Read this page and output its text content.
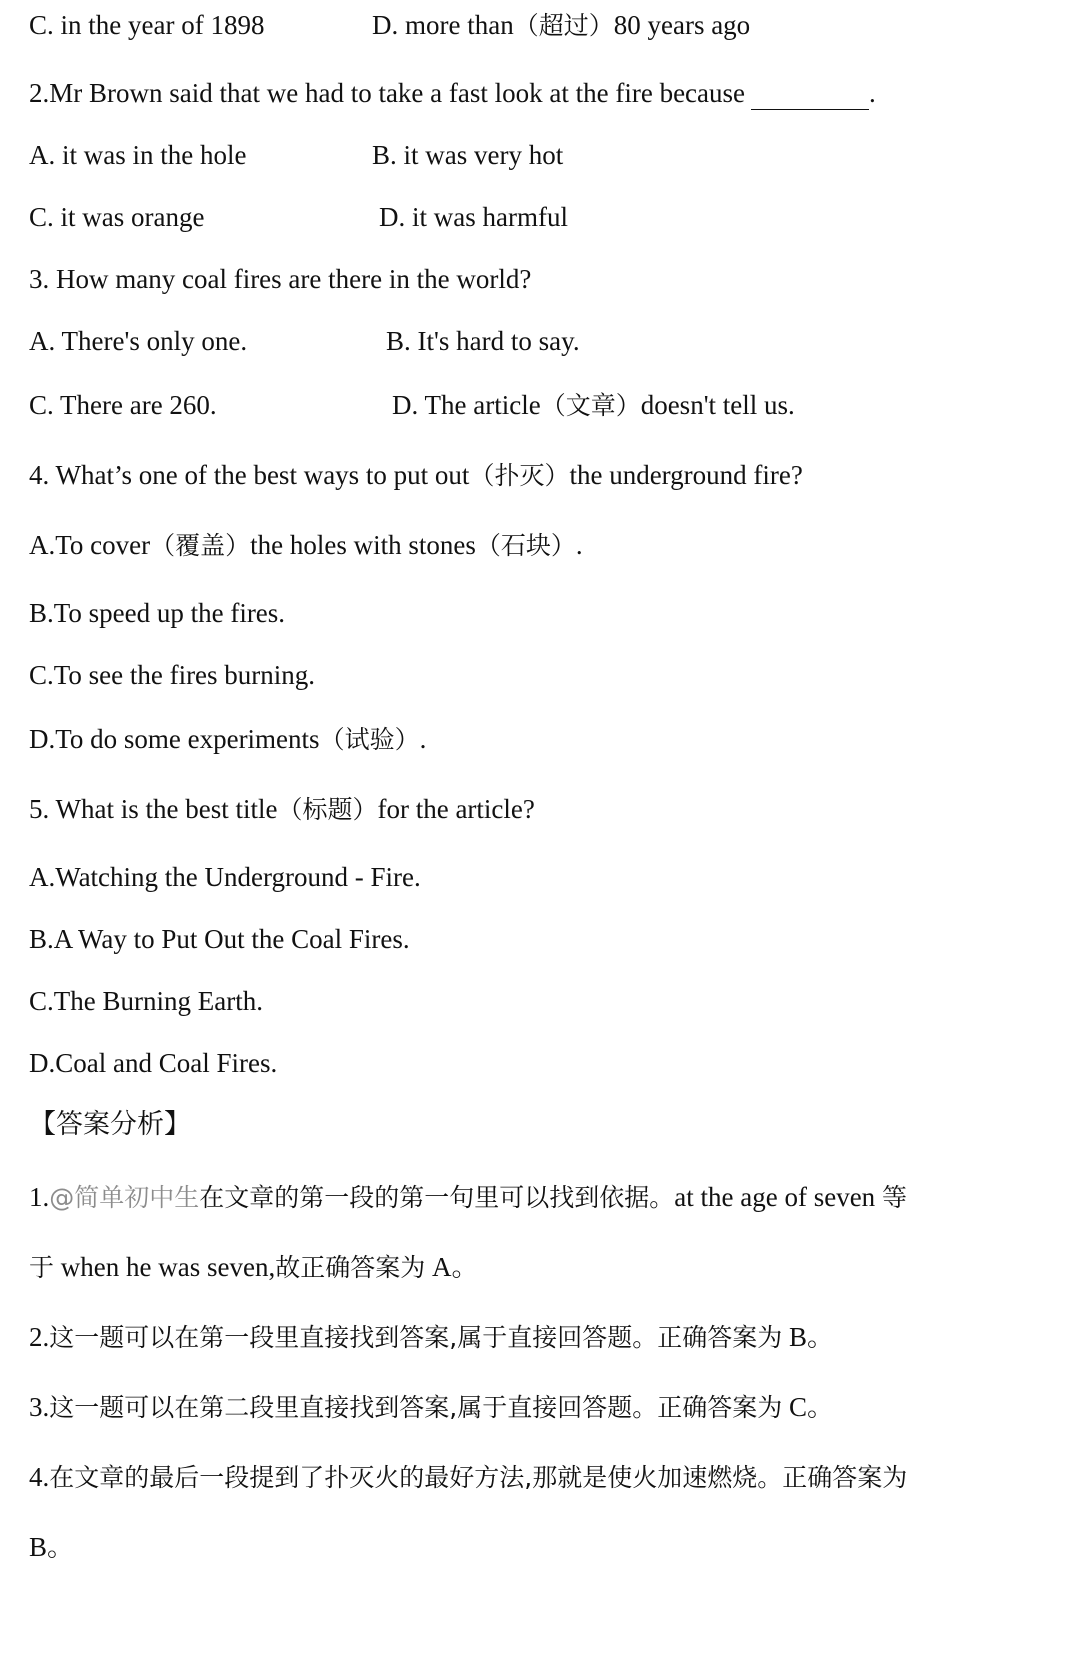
C. in the year of 1898	D. more than（超过）80 years ago
2.Mr Brown said that we had to take a fast look at the fire because	.
A. it was in the hole	B. it was very hot
C. it was orange	D. it was harmful
3. How many coal fires are there in the world?
A. There's only one.	B. It's hard to say.
C. There are 260.	D. The article（文章）doesn't tell us.
4. What’s one of the best ways to put out（扑灭）the underground fire?
A.To cover（覆盖）the holes with stones（石块）.
B.To speed up the fires.
C.To see the fires burning.
D.To do some experiments（试验）.
5. What is the best title（标题）for the article?
A.Watching the Underground - Fire.
B.A Way to Put Out the Coal Fires.
C.The Burning Earth.
D.Coal and Coal Fires.
【答案分析】
1.@简单初中生在文章的第一段的第一句里可以找到依据。at the age of seven 等
于 when he was seven,故正确答案为 A。
2.这一题可以在第一段里直接找到答案,属于直接回答题。正确答案为 B。
3.这一题可以在第二段里直接找到答案,属于直接回答题。正确答案为 C。
4.在文章的最后一段提到了扑灭火的最好方法,那就是使火加速燃烧。正确答案为
B。
